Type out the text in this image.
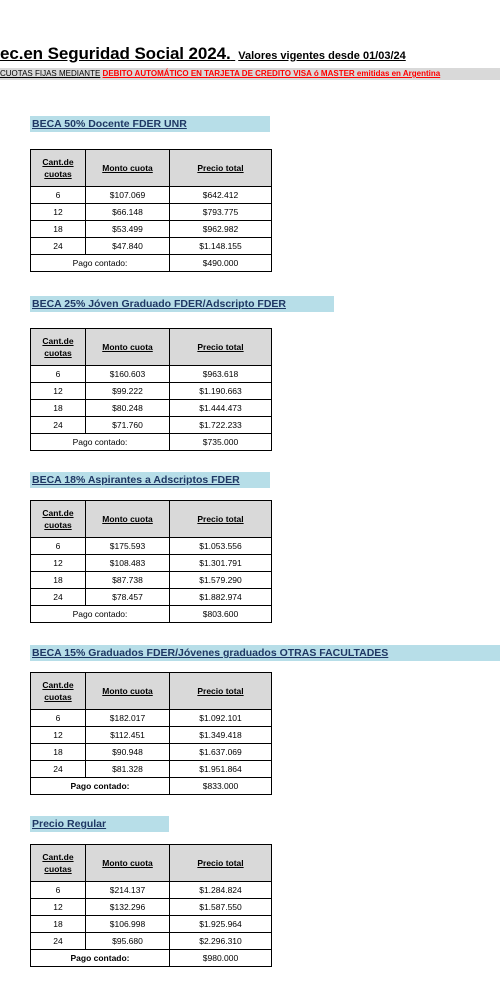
ec.en Seguridad Social 2024. Valores vigentes desde 01/03/24
CUOTAS FIJAS MEDIANTE DEBITO AUTOMÁTICO EN TARJETA DE CREDITO VISA ó MASTER emitidas en Argentina
BECA 50% Docente FDER UNR
Cant.de cuotas	Monto cuota	Precio total
6	$107.069	$642.412
12	$66.148	$793.775
18	$53.499	$962.982
24	$47.840	$1.148.155
Pago contado:		$490.000
BECA 25% Jóven Graduado FDER/Adscripto FDER
Cant.de cuotas	Monto cuota	Precio total
6	$160.603	$963.618
12	$99.222	$1.190.663
18	$80.248	$1.444.473
24	$71.760	$1.722.233
Pago contado:		$735.000
BECA 18% Aspirantes a Adscriptos FDER
Cant.de cuotas	Monto cuota	Precio total
6	$175.593	$1.053.556
12	$108.483	$1.301.791
18	$87.738	$1.579.290
24	$78.457	$1.882.974
Pago contado:		$803.600
BECA 15% Graduados FDER/Jóvenes graduados OTRAS FACULTADES
Cant.de cuotas	Monto cuota	Precio total
6	$182.017	$1.092.101
12	$112.451	$1.349.418
18	$90.948	$1.637.069
24	$81.328	$1.951.864
Pago contado:		$833.000
Precio Regular
Cant.de cuotas	Monto cuota	Precio total
6	$214.137	$1.284.824
12	$132.296	$1.587.550
18	$106.998	$1.925.964
24	$95.680	$2.296.310
Pago contado:		$980.000
